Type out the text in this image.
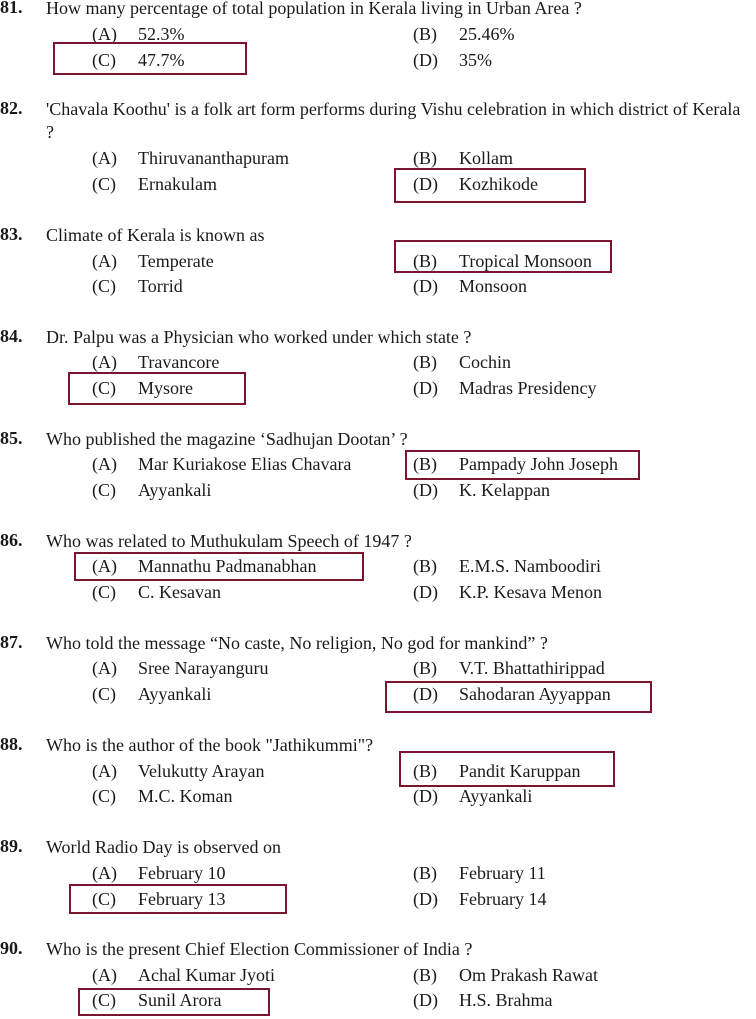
81. How many percentage of total population in Kerala living in Urban Area ?
(A) 52.3%	(B) 25.46%
(C) 47.7%	(D) 35%
82. 'Chavala Koothu' is a folk art form performs during Vishu celebration in which district of Kerala ?
(A) Thiruvananthapuram	(B) Kollam
(C) Ernakulam	(D) Kozhikode
83. Climate of Kerala is known as
(A) Temperate	(B) Tropical Monsoon
(C) Torrid	(D) Monsoon
84. Dr. Palpu was a Physician who worked under which state ?
(A) Travancore	(B) Cochin
(C) Mysore	(D) Madras Presidency
85. Who published the magazine ‘Sadhujan Dootan’ ?
(A) Mar Kuriakose Elias Chavara	(B) Pampady John Joseph
(C) Ayyankali	(D) K. Kelappan
86. Who was related to Muthukulam Speech of 1947 ?
(A) Mannathu Padmanabhan	(B) E.M.S. Namboodiri
(C) C. Kesavan	(D) K.P. Kesava Menon
87. Who told the message “No caste, No religion, No god for mankind” ?
(A) Sree Narayanguru	(B) V.T. Bhattathirippad
(C) Ayyankali	(D) Sahodaran Ayyappan
88. Who is the author of the book "Jathikummi"?
(A) Velukutty Arayan	(B) Pandit Karuppan
(C) M.C. Koman	(D) Ayyankali
89. World Radio Day is observed on
(A) February 10	(B) February 11
(C) February 13	(D) February 14
90. Who is the present Chief Election Commissioner of India ?
(A) Achal Kumar Jyoti	(B) Om Prakash Rawat
(C) Sunil Arora	(D) H.S. Brahma
